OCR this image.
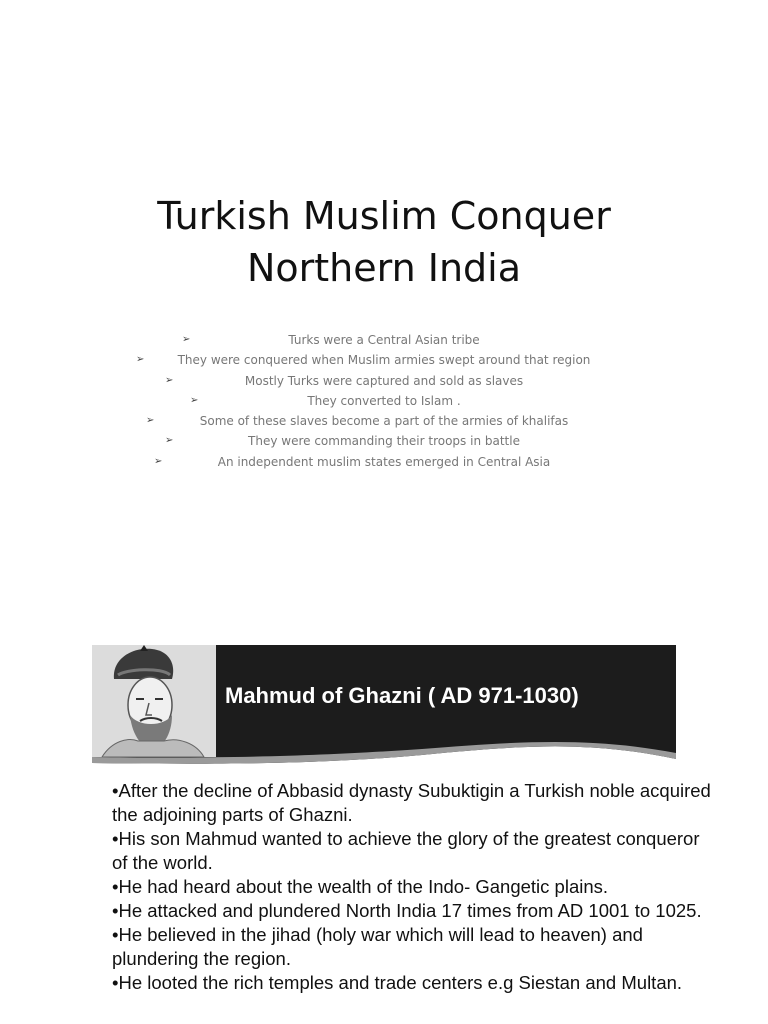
Turkish Muslim Conquer
Northern India
➢	Turks were a Central Asian tribe
➢	They were conquered when Muslim armies swept around that region
➢	Mostly Turks were captured and sold as slaves
➢	They converted to Islam .
➢	Some of these slaves become a part of the armies of khalifas
➢	They were commanding their troops in battle
➢	An independent muslim states emerged in Central Asia
Mahmud of Ghazni ( AD 971-1030)

•After the decline of Abbasid dynasty Subuktigin a Turkish noble acquired the adjoining parts of Ghazni.

•His son Mahmud wanted to achieve the glory of the greatest conqueror of the world.

•He had heard about the wealth of the Indo- Gangetic plains.

•He attacked and plundered North India 17 times from AD 1001 to 1025.

•He believed in the jihad (holy war which will lead to heaven) and plundering the region.

•He looted the rich temples and trade centers e.g Siestan and Multan.
